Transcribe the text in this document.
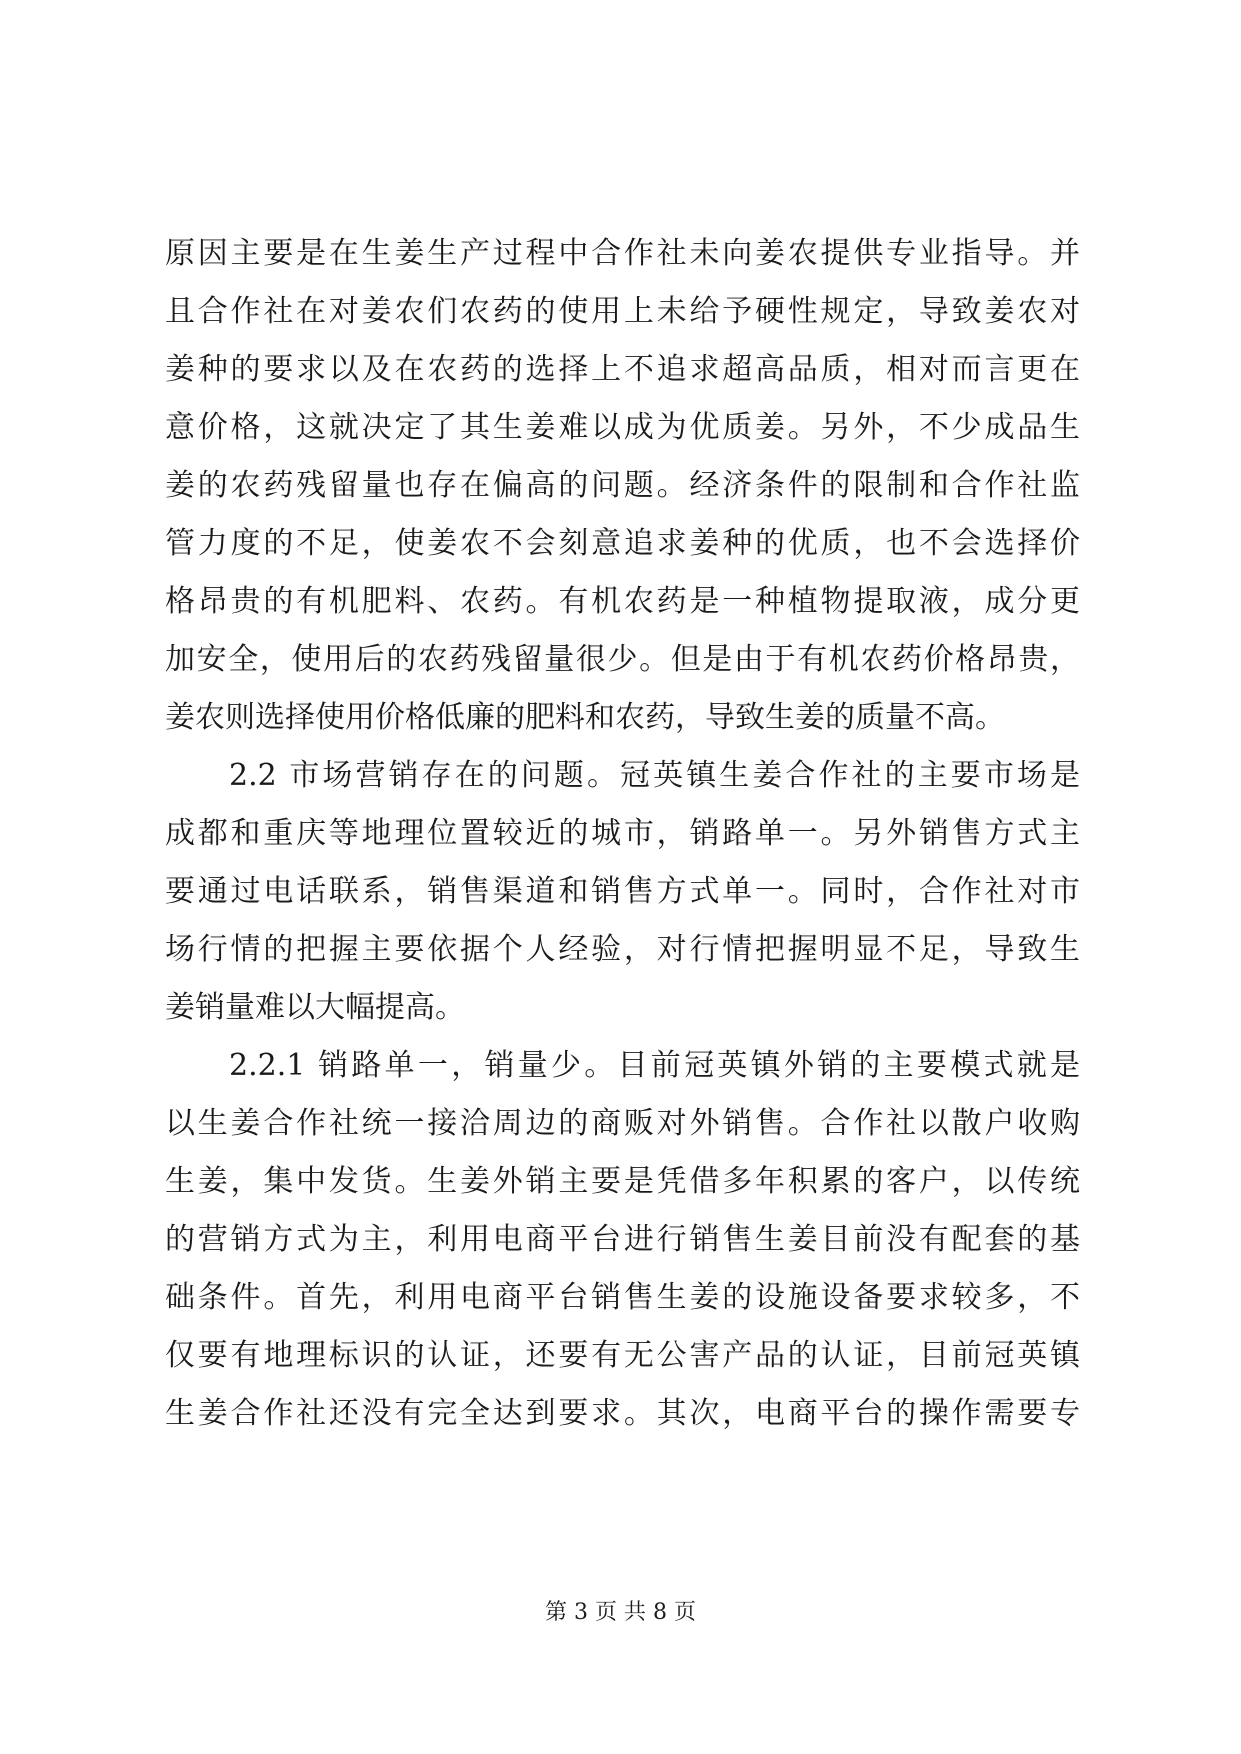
原因主要是在生姜生产过程中合作社未向姜农提供专业指导。并
且合作社在对姜农们农药的使用上未给予硬性规定，导致姜农对
姜种的要求以及在农药的选择上不追求超高品质，相对而言更在
意价格，这就决定了其生姜难以成为优质姜。另外，不少成品生
姜的农药残留量也存在偏高的问题。经济条件的限制和合作社监
管力度的不足，使姜农不会刻意追求姜种的优质，也不会选择价
格昂贵的有机肥料、农药。有机农药是一种植物提取液，成分更
加安全，使用后的农药残留量很少。但是由于有机农药价格昂贵，
姜农则选择使用价格低廉的肥料和农药，导致生姜的质量不高。
2.2 市场营销存在的问题。冠英镇生姜合作社的主要市场是
成都和重庆等地理位置较近的城市，销路单一。另外销售方式主
要通过电话联系，销售渠道和销售方式单一。同时，合作社对市
场行情的把握主要依据个人经验，对行情把握明显不足，导致生
姜销量难以大幅提高。
2.2.1 销路单一，销量少。目前冠英镇外销的主要模式就是
以生姜合作社统一接洽周边的商贩对外销售。合作社以散户收购
生姜，集中发货。生姜外销主要是凭借多年积累的客户，以传统
的营销方式为主，利用电商平台进行销售生姜目前没有配套的基
础条件。首先，利用电商平台销售生姜的设施设备要求较多，不
仅要有地理标识的认证，还要有无公害产品的认证，目前冠英镇
生姜合作社还没有完全达到要求。其次，电商平台的操作需要专
第 3 页 共 8 页
